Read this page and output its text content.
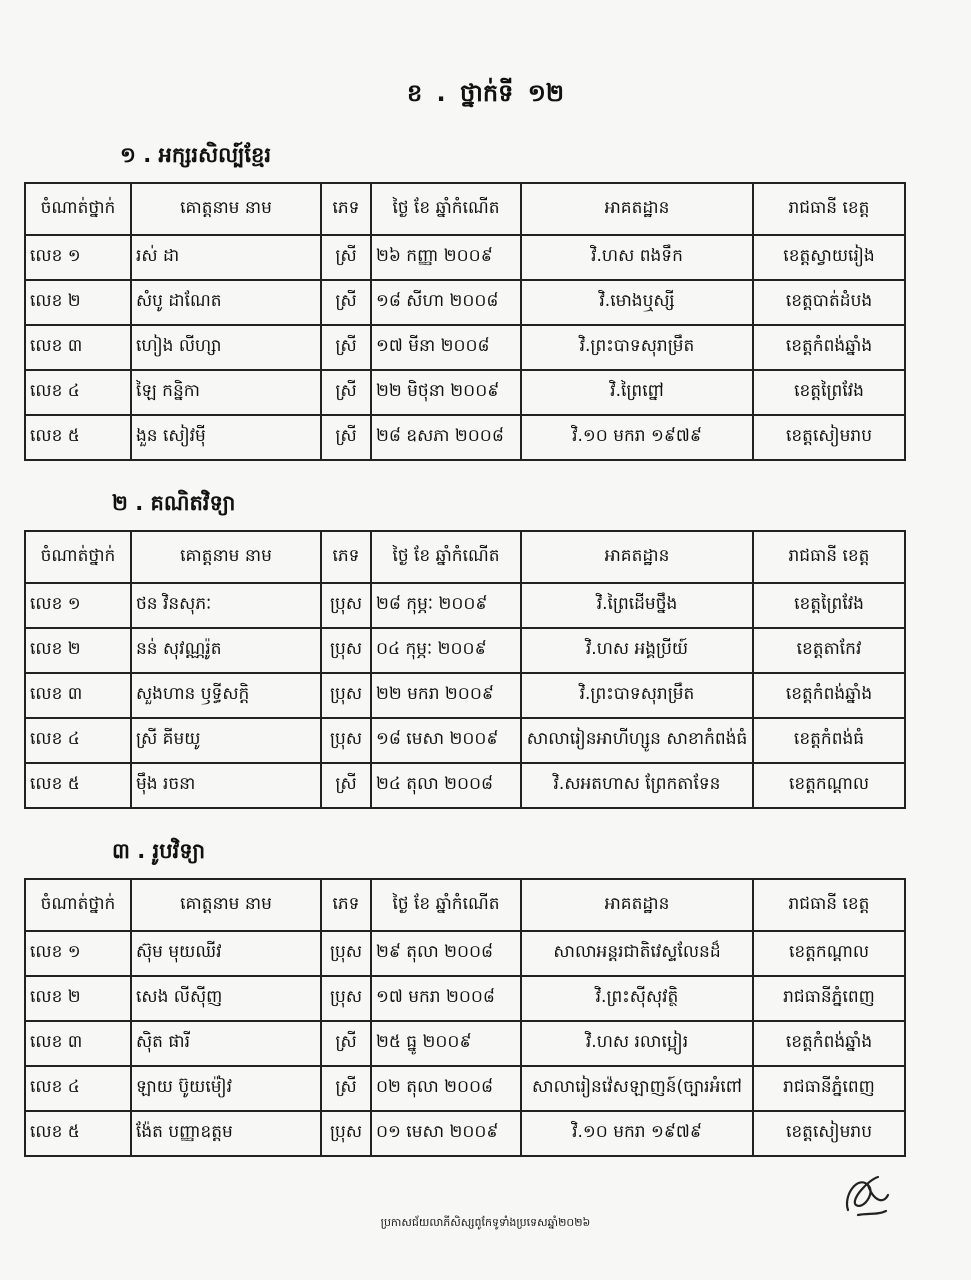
ខ . ថ្នាក់ទី ១២
១ . អក្សរសិល្ប៍ខ្មែរ
ចំណាត់ថ្នាក់	គោត្តនាម នាម	ភេទ	ថ្ងៃ ខែ ឆ្នាំកំណើត	អាគតដ្ឋាន	រាជធានី ខេត្ត
លេខ ១	រស់ ដា	ស្រី	២៦ កញ្ញា ២០០៩	វិ.ហស ពងទឹក	ខេត្តស្វាយរៀង
លេខ ២	សំបូ ដាណែត	ស្រី	១៨ សីហា ២០០៨	វិ.មោងឬស្សី	ខេត្តបាត់ដំបង
លេខ ៣	ហៀង លីហ្សា	ស្រី	១៧ មីនា ២០០៨	វិ.ព្រះបាទសុរាម្រឹត	ខេត្តកំពង់ឆ្នាំង
លេខ ៤	ឡៃ កន្និកា	ស្រី	២២ មិថុនា ២០០៩	វិ.ព្រៃព្នៅ	ខេត្តព្រៃវែង
លេខ ៥	ងួន សៀវម៉ី	ស្រី	២៨ ឧសភា ២០០៨	វិ.១០ មករា ១៩៧៩	ខេត្តសៀមរាប
២ . គណិតវិទ្យា
ចំណាត់ថ្នាក់	គោត្តនាម នាម	ភេទ	ថ្ងៃ ខែ ឆ្នាំកំណើត	អាគតដ្ឋាន	រាជធានី ខេត្ត
លេខ ១	ថន វិនសុភៈ	ប្រុស	២៨ កុម្ភៈ ២០០៩	វិ.ព្រៃដើមថ្នឹង	ខេត្តព្រៃវែង
លេខ ២	នន់ សុវណ្ណរ៉ូត	ប្រុស	០៤ កុម្ភៈ ២០០៩	វិ.ហស អង្គប្រីយ៍	ខេត្តតាកែវ
លេខ ៣	សួងហាន ឫទ្ធីសក្តិ	ប្រុស	២២ មករា ២០០៩	វិ.ព្រះបាទសុរាម្រឹត	ខេត្តកំពង់ឆ្នាំង
លេខ ៤	ស្រី គីមយូ	ប្រុស	១៨ មេសា ២០០៩	សាលារៀនអាហីហ្សូន សាខាកំពង់ធំ	ខេត្តកំពង់ធំ
លេខ ៥	ម៉ឹង រចនា	ស្រី	២៤ តុលា ២០០៨	វិ.សអតហាស ព្រែកតាទែន	ខេត្តកណ្ដាល
៣ . រូបវិទ្យា
ចំណាត់ថ្នាក់	គោត្តនាម នាម	ភេទ	ថ្ងៃ ខែ ឆ្នាំកំណើត	អាគតដ្ឋាន	រាជធានី ខេត្ត
លេខ ១	ស៊ុម មុយឈីវ	ប្រុស	២៩ តុលា ២០០៨	សាលាអន្តរជាតិវេស្ទលែនដ៏	ខេត្តកណ្ដាល
លេខ ២	សេង លីស៊ីញ	ប្រុស	១៧ មករា ២០០៨	វិ.ព្រះស៊ីសុវត្ថិ	រាជធានីភ្នំពេញ
លេខ ៣	ស៊ិត ផារី	ស្រី	២៥ ធ្នូ ២០០៩	វិ.ហស រលាប្អៀរ	ខេត្តកំពង់ឆ្នាំង
លេខ ៤	ឡាយ ប៊ូយម៉ៀវ	ស្រី	០២ តុលា ២០០៨	សាលារៀនវ៉េសឡាញន៍(ច្បារអំពៅ	រាជធានីភ្នំពេញ
លេខ ៥	ង៉ែត បញ្ញាឧត្តម	ប្រុស	០១ មេសា ២០០៩	វិ.១០ មករា ១៩៧៩	ខេត្តសៀមរាប
ប្រកាសជ័យលាភីសិស្សពូកែទូទាំងប្រទេសឆ្នាំ២០២៦
